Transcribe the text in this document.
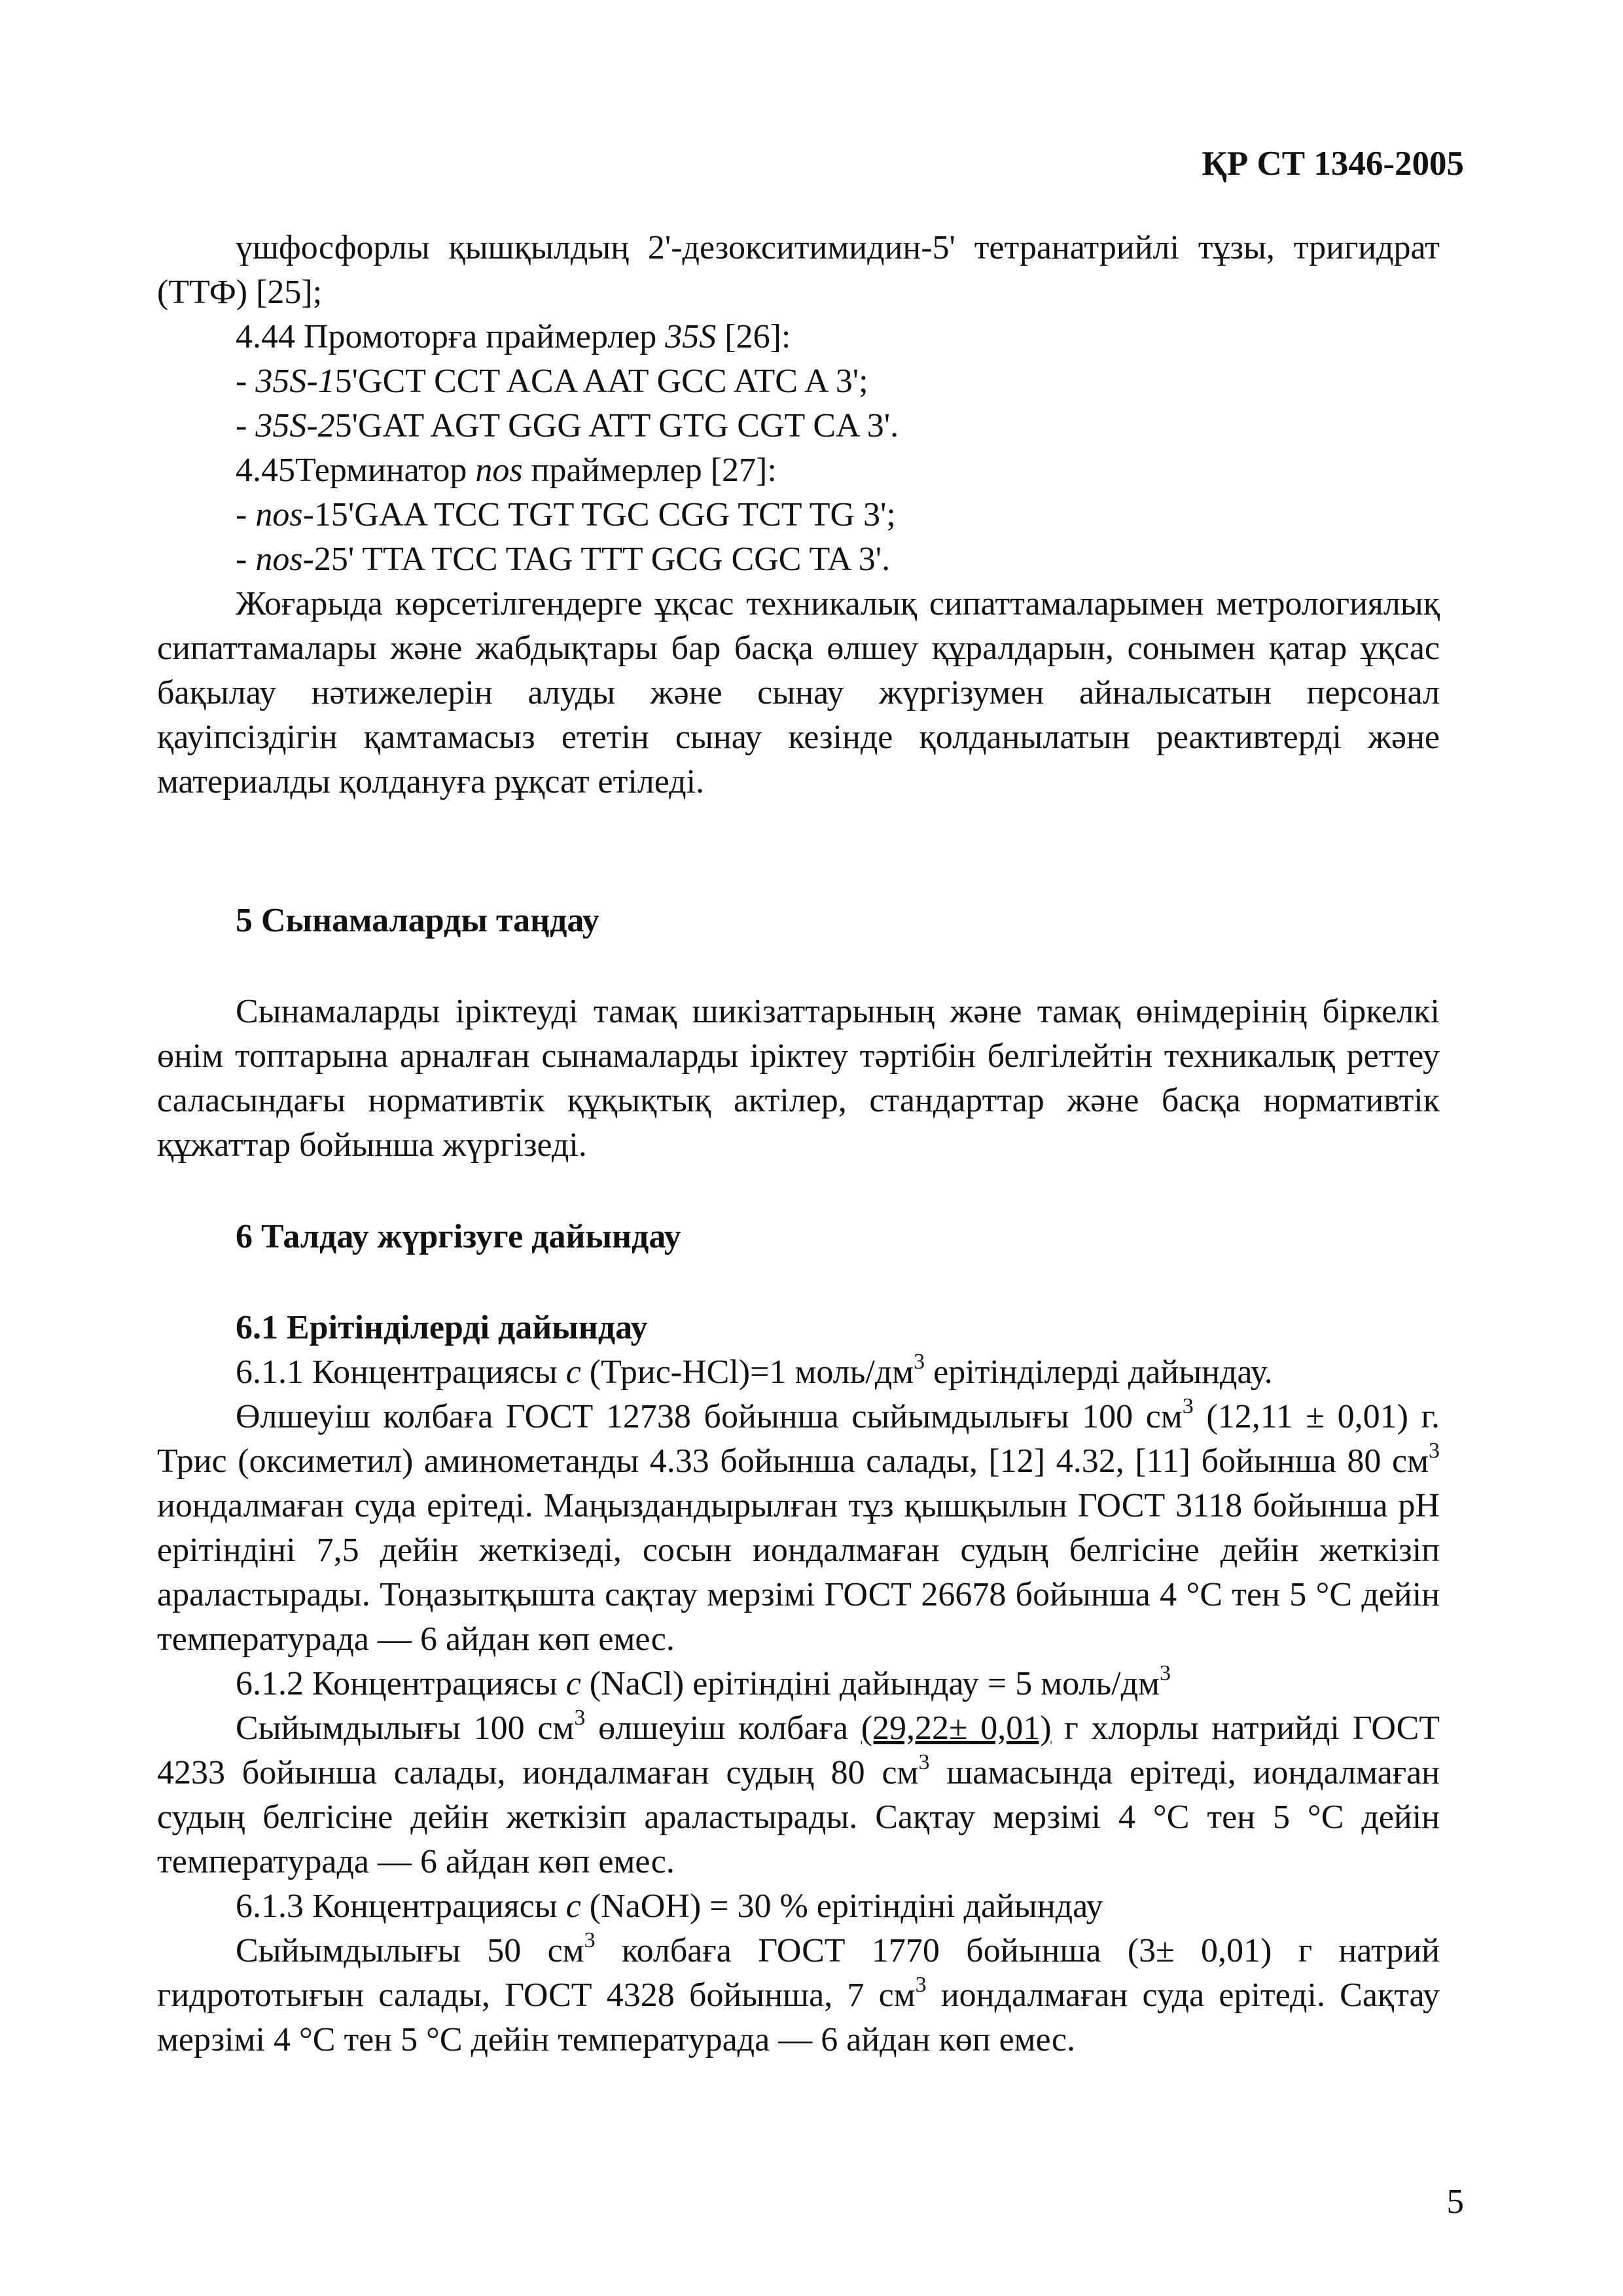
ҚР СТ 1346-2005

үшфосфорлы қышқылдың 2'-дезокситимидин-5' тетранатрийлі тұзы, тригидрат (ТТФ) [25];

4.44 Промоторға праймерлер 35S [26]:
- 35S-15'GCT CCT ACA AAT GCC ATC A 3';
- 35S-25'GAT AGT GGG ATT GTG CGT CA 3'.
4.45Терминатор nos праймерлер [27]:
- nos-15'GAA TCC TGT TGC CGG TCT TG 3';
- nos-25' TTA TCC TAG TTT GCG CGC TA 3'.

Жоғарыда көрсетілгендерге ұқсас техникалық сипаттамаларымен метрологиялық сипаттамалары және жабдықтары бар басқа өлшеу құралдарын, сонымен қатар ұқсас бақылау нәтижелерін алуды және сынау жүргізумен айналысатын персонал қауіпсіздігін қамтамасыз ететін сынау кезінде қолданылатын реактивтерді және материалды қолдануға рұқсат етіледі.

5 Сынамаларды таңдау

Сынамаларды іріктеуді тамақ шикізаттарының және тамақ өнімдерінің біркелкі өнім топтарына арналған сынамаларды іріктеу тәртібін белгілейтін техникалық реттеу саласындағы нормативтік құқықтық актілер, стандарттар және басқа нормативтік құжаттар бойынша жүргізеді.

6 Талдау жүргізуге дайындау
6.1 Ерітінділерді дайындау
6.1.1 Концентрациясы с (Трис-HCl)=1 моль/$дм^3$ ерітінділерді дайындау.

Өлшеуіш колбаға ГОСТ 12738 бойынша сыйымдылығы 100 $см^3$ (12,11 ± 0,01) г. Трис (оксиметил) аминометанды 4.33 бойынша салады, [12] 4.32, [11] бойынша 80 $см^3$ иондалмаған суда ерітеді. Маңыздандырылған тұз қышқылын ГОСТ 3118 бойынша pH ерітіндіні 7,5 дейін жеткізеді, сосын иондалмаған судың белгісіне дейін жеткізіп араластырады. Тоңазытқышта сақтау мерзімі ГОСТ 26678 бойынша 4 °С тен 5 °С дейін температурада — 6 айдан көп емес.

6.1.2 Концентрациясы с (NaCl) ерітіндіні дайындау = 5 моль/$дм^3$

Сыйымдылығы 100 $см^3$ өлшеуіш колбаға (29,22± 0,01) г хлорлы натрийді ГОСТ 4233 бойынша салады, иондалмаған судың 80 $см^3$ шамасында ерітеді, иондалмаған судың белгісіне дейін жеткізіп араластырады. Сақтау мерзімі 4 °С тен 5 °С дейін температурада — 6 айдан көп емес.

6.1.3 Концентрациясы с (NaOH) = 30 % ерітіндіні дайындау

Сыйымдылығы 50 $см^3$ колбаға ГОСТ 1770 бойынша (3± 0,01) г натрий гидрототығын салады, ГОСТ 4328 бойынша, 7 $см^3$ иондалмаған суда ерітеді. Сақтау мерзімі 4 °С тен 5 °С дейін температурада — 6 айдан көп емес.

5
